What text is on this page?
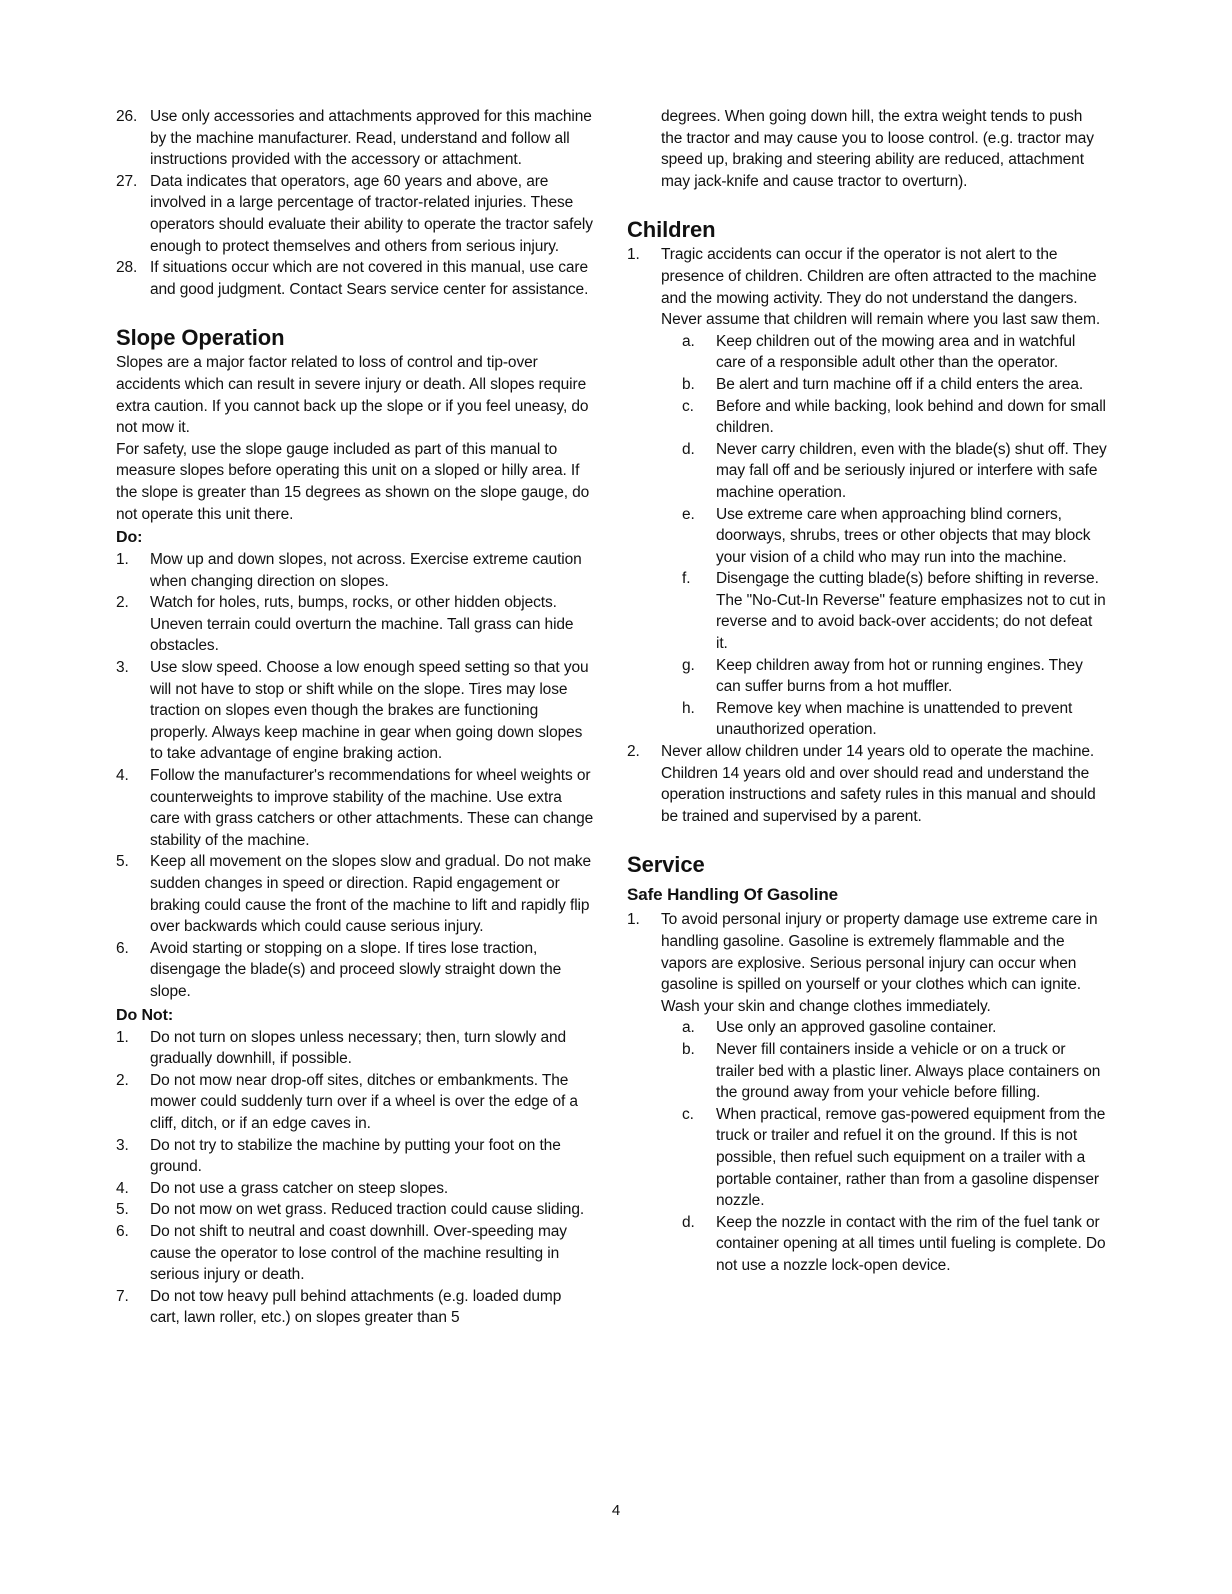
26. Use only accessories and attachments approved for this machine by the machine manufacturer. Read, understand and follow all instructions provided with the accessory or attachment.
27. Data indicates that operators, age 60 years and above, are involved in a large percentage of tractor-related injuries. These operators should evaluate their ability to operate the tractor safely enough to protect themselves and others from serious injury.
28. If situations occur which are not covered in this manual, use care and good judgment. Contact Sears service center for assistance.
Slope Operation

Slopes are a major factor related to loss of control and tip-over accidents which can result in severe injury or death. All slopes require extra caution. If you cannot back up the slope or if you feel uneasy, do not mow it.

For safety, use the slope gauge included as part of this manual to measure slopes before operating this unit on a sloped or hilly area. If the slope is greater than 15 degrees as shown on the slope gauge, do not operate this unit there.

Do:
1. Mow up and down slopes, not across. Exercise extreme caution when changing direction on slopes.
2. Watch for holes, ruts, bumps, rocks, or other hidden objects. Uneven terrain could overturn the machine. Tall grass can hide obstacles.
3. Use slow speed. Choose a low enough speed setting so that you will not have to stop or shift while on the slope. Tires may lose traction on slopes even though the brakes are functioning properly. Always keep machine in gear when going down slopes to take advantage of engine braking action.
4. Follow the manufacturer's recommendations for wheel weights or counterweights to improve stability of the machine. Use extra care with grass catchers or other attachments. These can change stability of the machine.
5. Keep all movement on the slopes slow and gradual. Do not make sudden changes in speed or direction. Rapid engagement or braking could cause the front of the machine to lift and rapidly flip over backwards which could cause serious injury.
6. Avoid starting or stopping on a slope. If tires lose traction, disengage the blade(s) and proceed slowly straight down the slope.
Do Not:
1. Do not turn on slopes unless necessary; then, turn slowly and gradually downhill, if possible.
2. Do not mow near drop-off sites, ditches or embankments. The mower could suddenly turn over if a wheel is over the edge of a cliff, ditch, or if an edge caves in.
3. Do not try to stabilize the machine by putting your foot on the ground.
4. Do not use a grass catcher on steep slopes.
5. Do not mow on wet grass. Reduced traction could cause sliding.
6. Do not shift to neutral and coast downhill. Over-speeding may cause the operator to lose control of the machine resulting in serious injury or death.
7. Do not tow heavy pull behind attachments (e.g. loaded dump cart, lawn roller, etc.) on slopes greater than 5
degrees. When going down hill, the extra weight tends to push the tractor and may cause you to loose control. (e.g. tractor may speed up, braking and steering ability are reduced, attachment may jack-knife and cause tractor to overturn).
Children
1. Tragic accidents can occur if the operator is not alert to the presence of children. Children are often attracted to the machine and the mowing activity. They do not understand the dangers. Never assume that children will remain where you last saw them.
a. Keep children out of the mowing area and in watchful care of a responsible adult other than the operator.
b. Be alert and turn machine off if a child enters the area.
c. Before and while backing, look behind and down for small children.
d. Never carry children, even with the blade(s) shut off. They may fall off and be seriously injured or interfere with safe machine operation.
e. Use extreme care when approaching blind corners, doorways, shrubs, trees or other objects that may block your vision of a child who may run into the machine.
f. Disengage the cutting blade(s) before shifting in reverse. The "No-Cut-In Reverse" feature emphasizes not to cut in reverse and to avoid back-over accidents; do not defeat it.
g. Keep children away from hot or running engines. They can suffer burns from a hot muffler.
h. Remove key when machine is unattended to prevent unauthorized operation.
2. Never allow children under 14 years old to operate the machine. Children 14 years old and over should read and understand the operation instructions and safety rules in this manual and should be trained and supervised by a parent.
Service
Safe Handling Of Gasoline
1. To avoid personal injury or property damage use extreme care in handling gasoline. Gasoline is extremely flammable and the vapors are explosive. Serious personal injury can occur when gasoline is spilled on yourself or your clothes which can ignite. Wash your skin and change clothes immediately.
a. Use only an approved gasoline container.
b. Never fill containers inside a vehicle or on a truck or trailer bed with a plastic liner. Always place containers on the ground away from your vehicle before filling.
c. When practical, remove gas-powered equipment from the truck or trailer and refuel it on the ground. If this is not possible, then refuel such equipment on a trailer with a portable container, rather than from a gasoline dispenser nozzle.
d. Keep the nozzle in contact with the rim of the fuel tank or container opening at all times until fueling is complete. Do not use a nozzle lock-open device.
4
